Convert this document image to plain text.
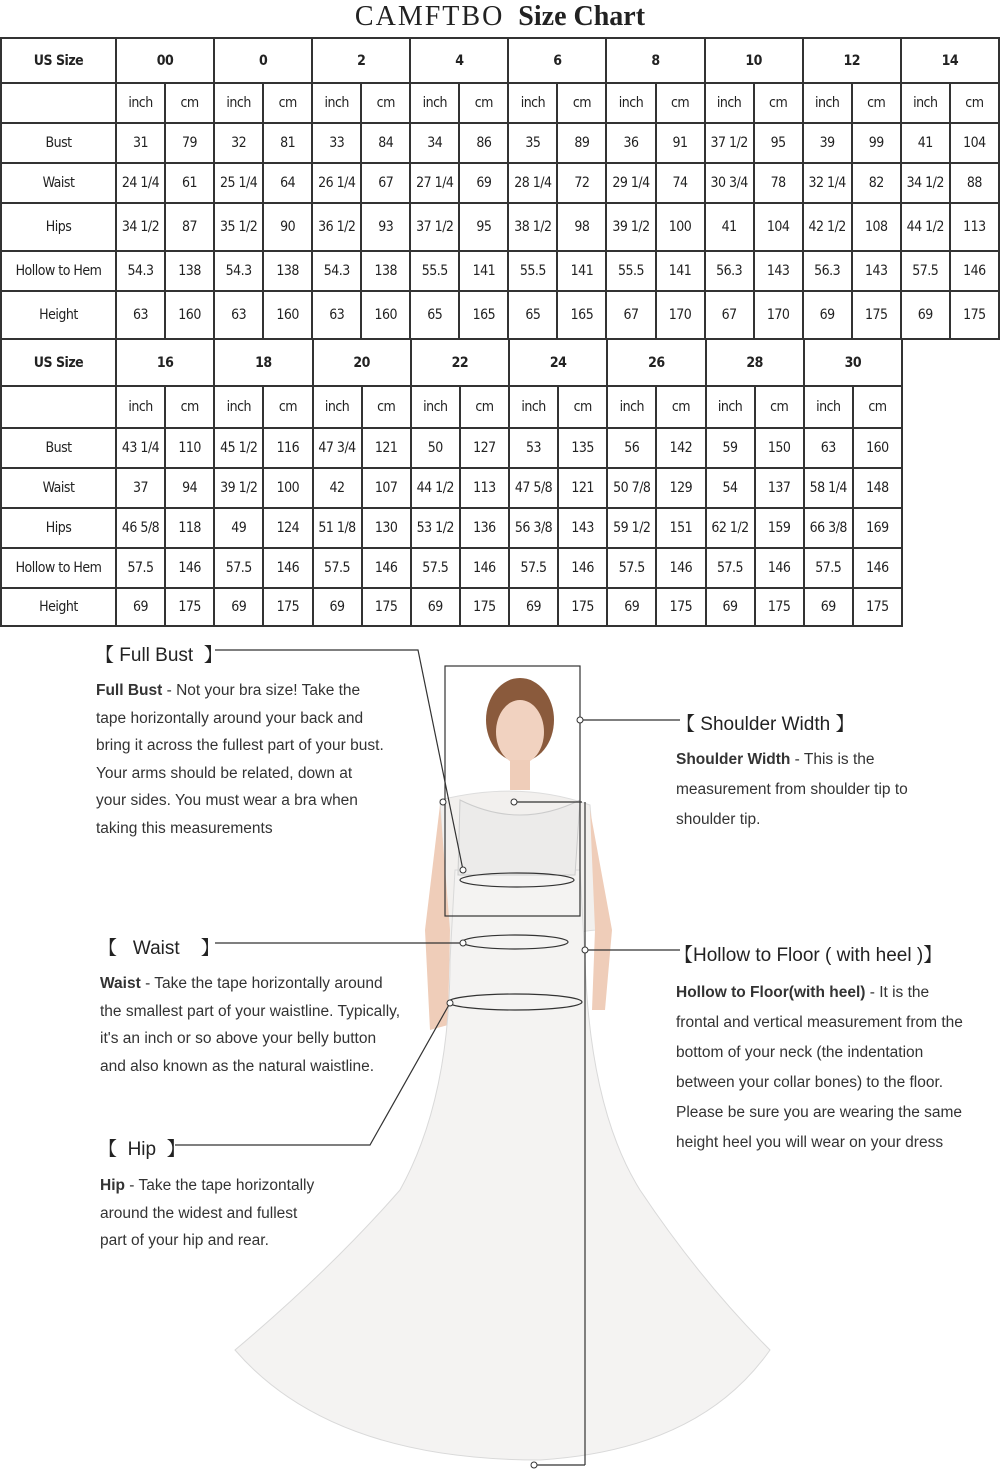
CAMFTBO Size Chart
US Size	00		0		2		4		6		8		10		12		14	
	inch	cm	inch	cm	inch	cm	inch	cm	inch	cm	inch	cm	inch	cm	inch	cm	inch	cm
Bust	31	79	32	81	33	84	34	86	35	89	36	91	37 1/2	95	39	99	41	104
Waist	24 1/4	61	25 1/4	64	26 1/4	67	27 1/4	69	28 1/4	72	29 1/4	74	30 3/4	78	32 1/4	82	34 1/2	88
Hips	34 1/2	87	35 1/2	90	36 1/2	93	37 1/2	95	38 1/2	98	39 1/2	100	41	104	42 1/2	108	44 1/2	113
Hollow to Hem	54.3	138	54.3	138	54.3	138	55.5	141	55.5	141	55.5	141	56.3	143	56.3	143	57.5	146
Height	63	160	63	160	63	160	65	165	65	165	67	170	67	170	69	175	69	175
US Size	16		18		20		22		24		26		28		30	
	inch	cm	inch	cm	inch	cm	inch	cm	inch	cm	inch	cm	inch	cm	inch	cm
Bust	43 1/4	110	45 1/2	116	47 3/4	121	50	127	53	135	56	142	59	150	63	160
Waist	37	94	39 1/2	100	42	107	44 1/2	113	47 5/8	121	50 7/8	129	54	137	58 1/4	148
Hips	46 5/8	118	49	124	51 1/8	130	53 1/2	136	56 3/8	143	59 1/2	151	62 1/2	159	66 3/8	169
Hollow to Hem	57.5	146	57.5	146	57.5	146	57.5	146	57.5	146	57.5	146	57.5	146	57.5	146
Height	69	175	69	175	69	175	69	175	69	175	69	175	69	175	69	175
【 Full Bust  】
Full Bust - Not your bra size! Take the
tape horizontally around your back and
bring it across the fullest part of your bust.
Your arms should be related, down at
your sides. You must wear a bra when
taking this measurements
【   Waist    】
Waist - Take the tape horizontally around
the smallest part of your waistline. Typically,
it's an inch or so above your belly button
and also known as the natural waistline.
【  Hip  】
Hip - Take the tape horizontally
around the widest and fullest
part of your hip and rear.
【 Shoulder Width 】
Shoulder Width - This is the
measurement from shoulder tip to
shoulder tip.
【Hollow to Floor ( with heel )】
Hollow to Floor(with heel) - It is the
frontal and vertical measurement from the
bottom of your neck (the indentation
between your collar bones) to the floor.
Please be sure you are wearing the same
height heel you will wear on your dress
